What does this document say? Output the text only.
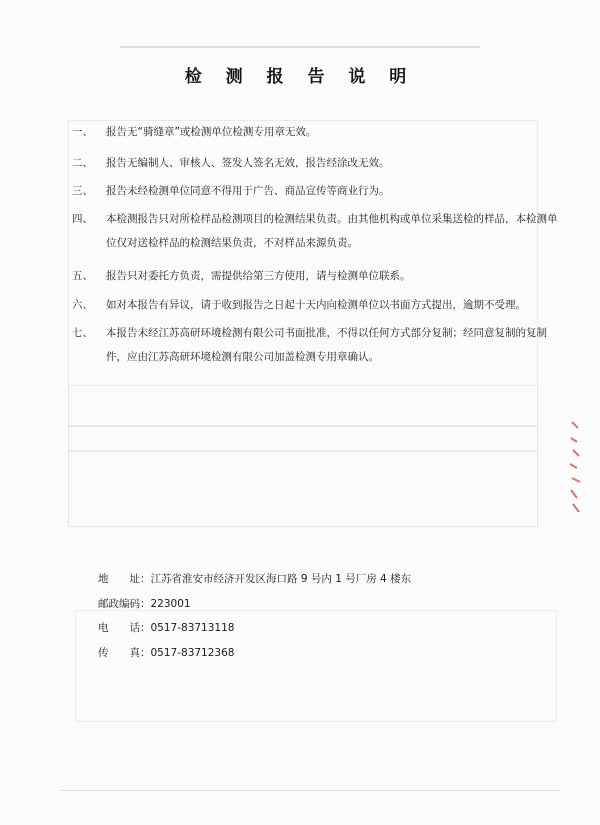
检 测 报 告 说 明
一、	报告无“骑缝章”或检测单位检测专用章无效。
二、	报告无编制人、审核人、签发人签名无效，报告经涂改无效。
三、	报告未经检测单位同意不得用于广告、商品宣传等商业行为。
四、	本检测报告只对所检样品检测项目的检测结果负责。由其他机构或单位采集送检的样品，本检测单位仅对送检样品的检测结果负责，不对样品来源负责。
五、	报告只对委托方负责，需提供给第三方使用，请与检测单位联系。
六、	如对本报告有异议，请于收到报告之日起十天内向检测单位以书面方式提出，逾期不受理。
七、	本报告未经江苏高研环境检测有限公司书面批准，不得以任何方式部分复制；经同意复制的复制件，应由江苏高研环境检测有限公司加盖检测专用章确认。
地　　址：江苏省淮安市经济开发区海口路 9 号内 1 号厂房 4 楼东
邮政编码：223001
电　　话：0517-83713118
传　　真：0517-83712368
